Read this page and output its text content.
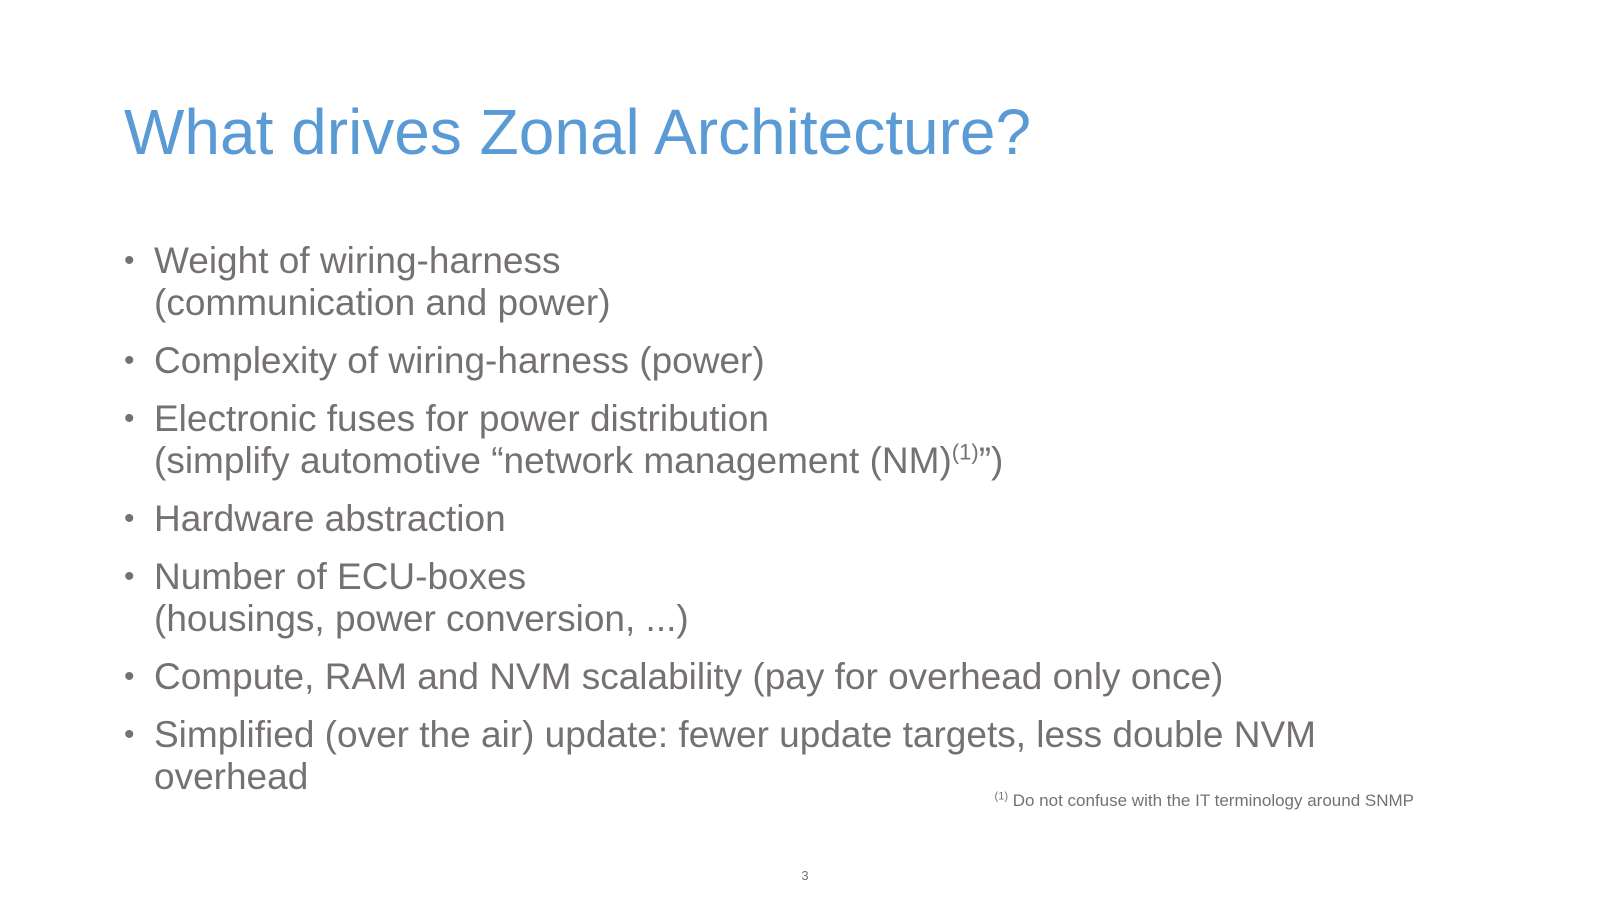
What drives Zonal Architecture?
• Weight of wiring-harness
(communication and power)
• Complexity of wiring-harness (power)
• Electronic fuses for power distribution
(simplify automotive “network management (NM)$^{(1)}$”)
• Hardware abstraction
• Number of ECU-boxes
(housings, power conversion, ...)
• Compute, RAM and NVM scalability (pay for overhead only once)
• Simplified (over the air) update: fewer update targets, less double NVM overhead	$^{(1)}$ Do not confuse with the IT terminology around SNMP
3
